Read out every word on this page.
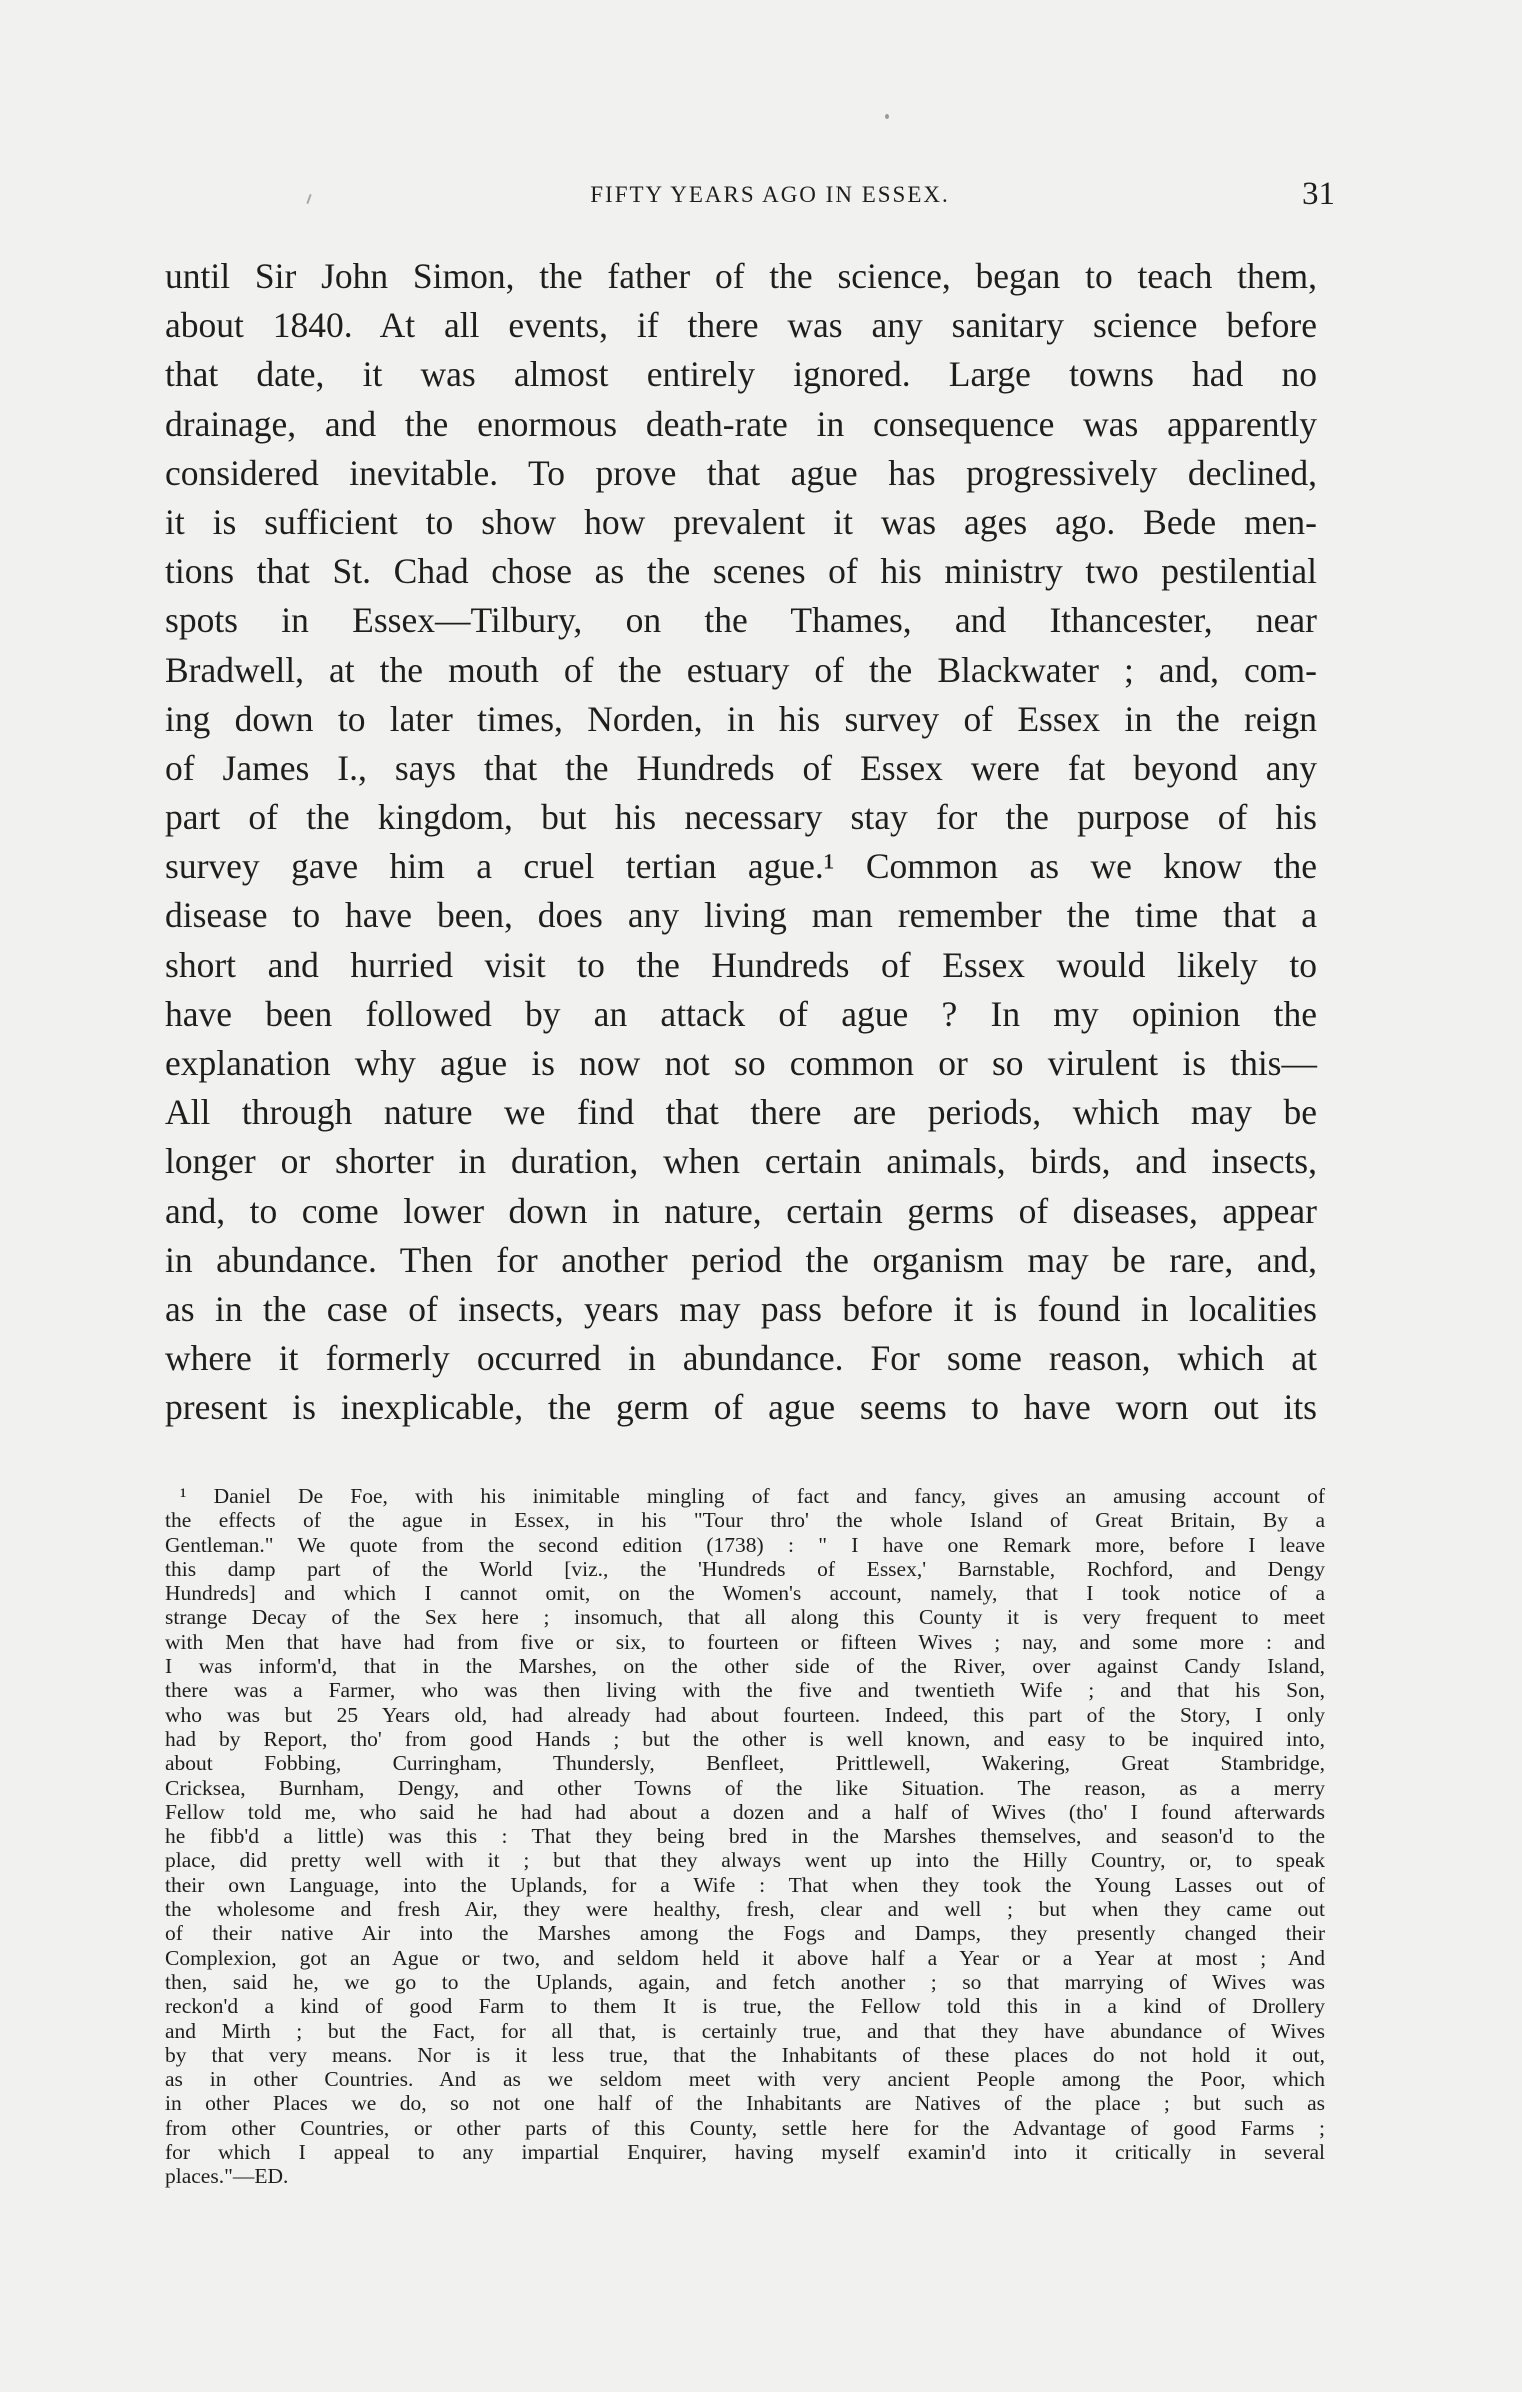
FIFTY YEARS AGO IN ESSEX.	31
until Sir John Simon, the father of the science, began to teach them,
about 1840. At all events, if there was any sanitary science before
that date, it was almost entirely ignored. Large towns had no
drainage, and the enormous death-rate in consequence was apparently
considered inevitable. To prove that ague has progressively declined,
it is sufficient to show how prevalent it was ages ago. Bede men-
tions that St. Chad chose as the scenes of his ministry two pestilential
spots in Essex—Tilbury, on the Thames, and Ithancester, near
Bradwell, at the mouth of the estuary of the Blackwater ; and, com-
ing down to later times, Norden, in his survey of Essex in the reign
of James I., says that the Hundreds of Essex were fat beyond any
part of the kingdom, but his necessary stay for the purpose of his
survey gave him a cruel tertian ague.¹ Common as we know the
disease to have been, does any living man remember the time that a
short and hurried visit to the Hundreds of Essex would likely to
have been followed by an attack of ague ? In my opinion the
explanation why ague is now not so common or so virulent is this—
All through nature we find that there are periods, which may be
longer or shorter in duration, when certain animals, birds, and insects,
and, to come lower down in nature, certain germs of diseases, appear
in abundance. Then for another period the organism may be rare, and,
as in the case of insects, years may pass before it is found in localities
where it formerly occurred in abundance. For some reason, which at
present is inexplicable, the germ of ague seems to have worn out its
¹ Daniel De Foe, with his inimitable mingling of fact and fancy, gives an amusing account of
the effects of the ague in Essex, in his "Tour thro' the whole Island of Great Britain, By a
Gentleman." We quote from the second edition (1738) : " I have one Remark more, before I leave
this damp part of the World [viz., the 'Hundreds of Essex,' Barnstable, Rochford, and Dengy
Hundreds] and which I cannot omit, on the Women's account, namely, that I took notice of a
strange Decay of the Sex here ; insomuch, that all along this County it is very frequent to meet
with Men that have had from five or six, to fourteen or fifteen Wives ; nay, and some more : and
I was inform'd, that in the Marshes, on the other side of the River, over against Candy Island,
there was a Farmer, who was then living with the five and twentieth Wife ; and that his Son,
who was but 25 Years old, had already had about fourteen. Indeed, this part of the Story, I only
had by Report, tho' from good Hands ; but the other is well known, and easy to be inquired into,
about Fobbing, Curringham, Thundersly, Benfleet, Prittlewell, Wakering, Great Stambridge,
Cricksea, Burnham, Dengy, and other Towns of the like Situation. The reason, as a merry
Fellow told me, who said he had had about a dozen and a half of Wives (tho' I found afterwards
he fibb'd a little) was this : That they being bred in the Marshes themselves, and season'd to the
place, did pretty well with it ; but that they always went up into the Hilly Country, or, to speak
their own Language, into the Uplands, for a Wife : That when they took the Young Lasses out of
the wholesome and fresh Air, they were healthy, fresh, clear and well ; but when they came out
of their native Air into the Marshes among the Fogs and Damps, they presently changed their
Complexion, got an Ague or two, and seldom held it above half a Year or a Year at most ; And
then, said he, we go to the Uplands, again, and fetch another ; so that marrying of Wives was
reckon'd a kind of good Farm to them It is true, the Fellow told this in a kind of Drollery
and Mirth ; but the Fact, for all that, is certainly true, and that they have abundance of Wives
by that very means. Nor is it less true, that the Inhabitants of these places do not hold it out,
as in other Countries. And as we seldom meet with very ancient People among the Poor, which
in other Places we do, so not one half of the Inhabitants are Natives of the place ; but such as
from other Countries, or other parts of this County, settle here for the Advantage of good Farms ;
for which I appeal to any impartial Enquirer, having myself examin'd into it critically in several
places."—ED.
